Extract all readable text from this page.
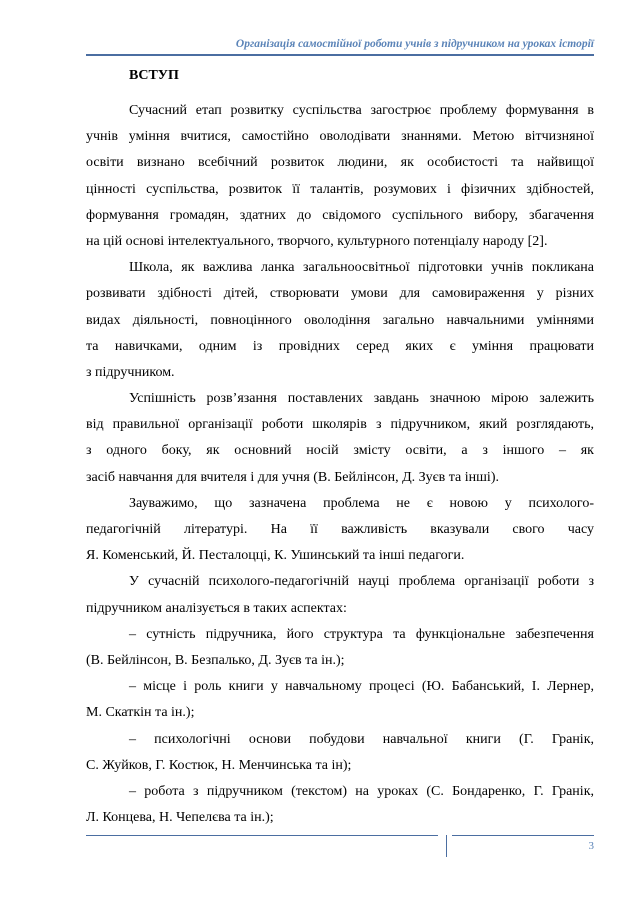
Організація самостійної роботи учнів з підручником на уроках історії
ВСТУП
Сучасний етап розвитку суспільства загострює проблему формування в
учнів уміння вчитися, самостійно оволодівати знаннями. Метою вітчизняної
освіти визнано всебічний розвиток людини, як особистості та найвищої
цінності суспільства, розвиток її талантів, розумових і фізичних здібностей,
формування громадян, здатних до свідомого суспільного вибору, збагачення
на цій основі інтелектуального, творчого, культурного потенціалу народу [2].
Школа, як важлива ланка загальноосвітньої підготовки учнів покликана
розвивати здібності дітей, створювати умови для самовираження у різних
видах діяльності, повноцінного оволодіння загально навчальними уміннями
та навичками, одним із провідних серед яких є уміння працювати
з підручником.
Успішність розв’язання поставлених завдань значною мірою залежить
від правильної організації роботи школярів з підручником, який розглядають,
з одного боку, як основний носій змісту освіти, а з іншого – як
засіб навчання для вчителя і для учня (В. Бейлінсон, Д. Зуєв та інші).
Зауважимо, що зазначена проблема не є новою у психолого-
педагогічній літературі. На її важливість вказували свого часу
Я. Коменський, Й. Песталоцці, К. Ушинський та інші педагоги.
У сучасній психолого-педагогічній науці проблема організації роботи з
підручником аналізується в таких аспектах:
– сутність підручника, його структура та функціональне забезпечення
(В. Бейлінсон, В. Безпалько, Д. Зуєв та ін.);
– місце і роль книги у навчальному процесі (Ю. Бабанський, І. Лернер,
М. Скаткін та ін.);
– психологічні основи побудови навчальної книги (Г. Гранік,
С. Жуйков, Г. Костюк, Н. Менчинська та ін);
– робота з підручником (текстом) на уроках (С. Бондаренко, Г. Гранік,
Л. Концева, Н. Чепелєва та ін.);
3
